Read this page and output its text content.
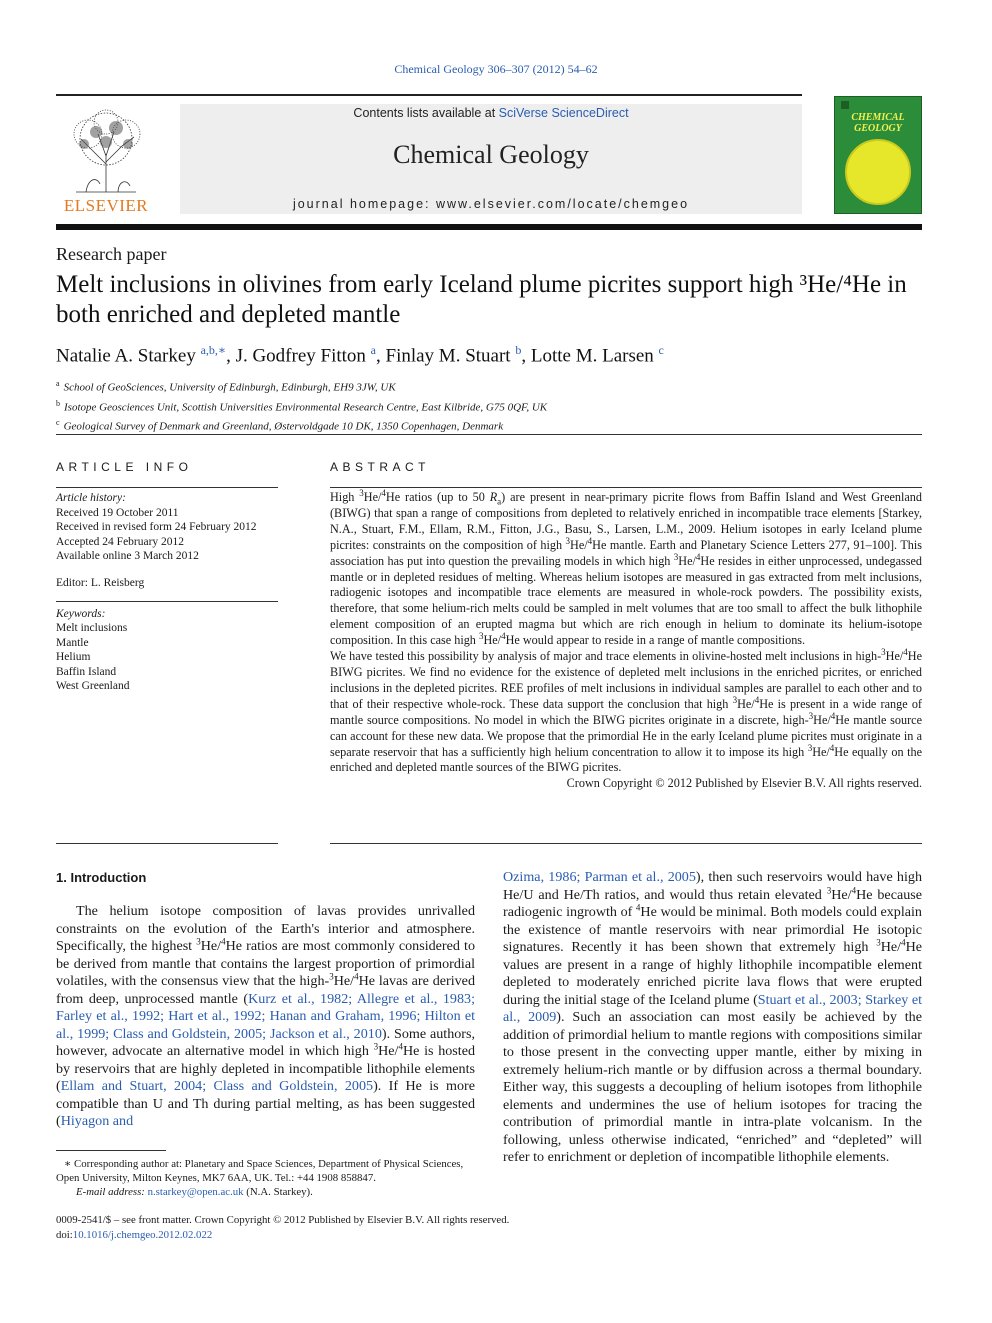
Chemical Geology 306–307 (2012) 54–62
Contents lists available at SciVerse ScienceDirect
Chemical Geology
journal homepage: www.elsevier.com/locate/chemgeo
ELSEVIER
CHEMICAL
GEOLOGY
Research paper
Melt inclusions in olivines from early Iceland plume picrites support high ³He/⁴He in both enriched and depleted mantle
Natalie A. Starkey $^{a,b,∗}$, J. Godfrey Fitton $^a$, Finlay M. Stuart $^b$, Lotte M. Larsen $^c$
$^a$ School of GeoSciences, University of Edinburgh, Edinburgh, EH9 3JW, UK
$^b$ Isotope Geosciences Unit, Scottish Universities Environmental Research Centre, East Kilbride, G75 0QF, UK
$^c$ Geological Survey of Denmark and Greenland, Østervoldgade 10 DK, 1350 Copenhagen, Denmark
ARTICLE INFO
Article history:
Received 19 October 2011
Received in revised form 24 February 2012
Accepted 24 February 2012
Available online 3 March 2012
Editor: L. Reisberg
Keywords:
Melt inclusions
Mantle
Helium
Baffin Island
West Greenland
ABSTRACT

High $^3$He/$^4$He ratios (up to 50 $R_a$) are present in near-primary picrite flows from Baffin Island and West Greenland (BIWG) that span a range of compositions from depleted to relatively enriched in incompatible trace elements [Starkey, N.A., Stuart, F.M., Ellam, R.M., Fitton, J.G., Basu, S., Larsen, L.M., 2009. Helium isotopes in early Iceland plume picrites: constraints on the composition of high $^3$He/$^4$He mantle. Earth and Planetary Science Letters 277, 91–100]. This association has put into question the prevailing models in which high $^3$He/$^4$He resides in either unprocessed, undegassed mantle or in depleted residues of melting. Whereas helium isotopes are measured in gas extracted from melt inclusions, radiogenic isotopes and incompatible trace elements are measured in whole-rock powders. The possibility exists, therefore, that some helium-rich melts could be sampled in melt volumes that are too small to affect the bulk lithophile element composition of an erupted magma but which are rich enough in helium to dominate its helium-isotope composition. In this case high $^3$He/$^4$He would appear to reside in a range of mantle compositions.

We have tested this possibility by analysis of major and trace elements in olivine-hosted melt inclusions in high-$^3$He/$^4$He BIWG picrites. We find no evidence for the existence of depleted melt inclusions in the enriched picrites, or enriched inclusions in the depleted picrites. REE profiles of melt inclusions in individual samples are parallel to each other and to that of their respective whole-rock. These data support the conclusion that high $^3$He/$^4$He is present in a wide range of mantle source compositions. No model in which the BIWG picrites originate in a discrete, high-$^3$He/$^4$He mantle source can account for these new data. We propose that the primordial He in the early Iceland plume picrites must originate in a separate reservoir that has a sufficiently high helium concentration to allow it to impose its high $^3$He/$^4$He equally on the enriched and depleted mantle sources of the BIWG picrites.

Crown Copyright © 2012 Published by Elsevier B.V. All rights reserved.

1. Introduction

The helium isotope composition of lavas provides unrivalled constraints on the evolution of the Earth's interior and atmosphere. Specifically, the highest $^3$He/$^4$He ratios are most commonly considered to be derived from mantle that contains the largest proportion of primordial volatiles, with the consensus view that the high-$^3$He/$^4$He lavas are derived from deep, unprocessed mantle (Kurz et al., 1982; Allegre et al., 1983; Farley et al., 1992; Hart et al., 1992; Hanan and Graham, 1996; Hilton et al., 1999; Class and Goldstein, 2005; Jackson et al., 2010). Some authors, however, advocate an alternative model in which high $^3$He/$^4$He is hosted by reservoirs that are highly depleted in incompatible lithophile elements (Ellam and Stuart, 2004; Class and Goldstein, 2005). If He is more compatible than U and Th during partial melting, as has been suggested (Hiyagon and

Ozima, 1986; Parman et al., 2005), then such reservoirs would have high He/U and He/Th ratios, and would thus retain elevated $^3$He/$^4$He because radiogenic ingrowth of $^4$He would be minimal. Both models could explain the existence of mantle reservoirs with near primordial He isotopic signatures. Recently it has been shown that extremely high $^3$He/$^4$He values are present in a range of highly lithophile incompatible element depleted to moderately enriched picrite lava flows that were erupted during the initial stage of the Iceland plume (Stuart et al., 2003; Starkey et al., 2009). Such an association can most easily be achieved by the addition of primordial helium to mantle regions with compositions similar to those present in the convecting upper mantle, either by mixing in extremely helium-rich mantle or by diffusion across a thermal boundary. Either way, this suggests a decoupling of helium isotopes from lithophile elements and undermines the use of helium isotopes for tracing the contribution of primordial mantle in intra-plate volcanism. In the following, unless otherwise indicated, “enriched” and “depleted” will refer to enrichment or depletion of incompatible lithophile elements.

∗ Corresponding author at: Planetary and Space Sciences, Department of Physical Sciences, Open University, Milton Keynes, MK7 6AA, UK. Tel.: +44 1908 858847.
E-mail address: n.starkey@open.ac.uk (N.A. Starkey).
0009-2541/$ – see front matter. Crown Copyright © 2012 Published by Elsevier B.V. All rights reserved.
doi:10.1016/j.chemgeo.2012.02.022
